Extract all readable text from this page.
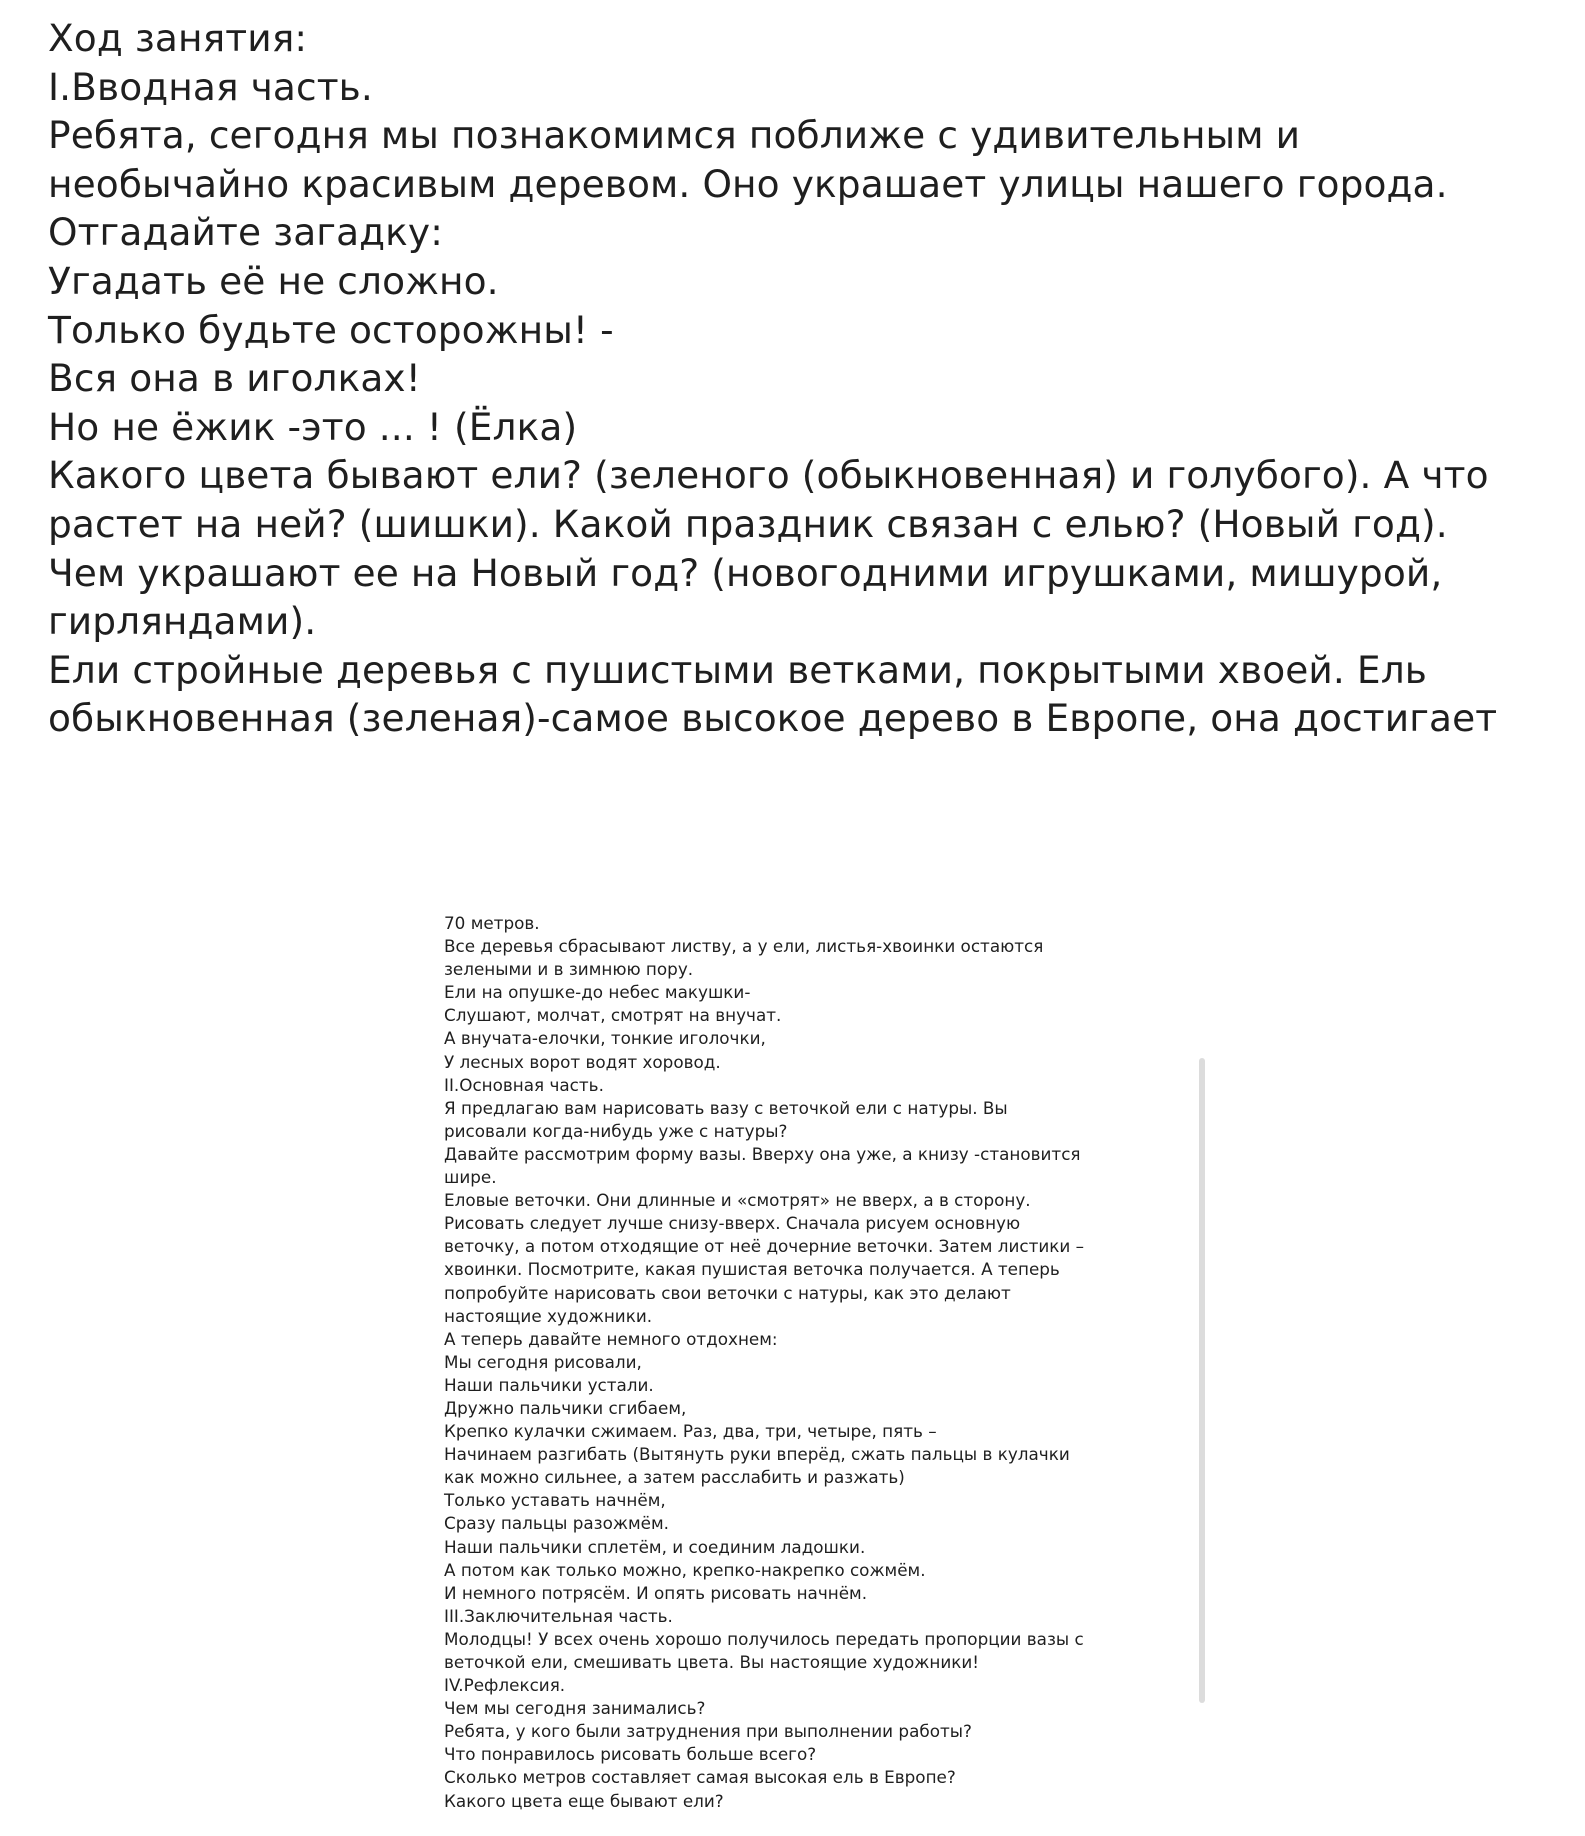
Ход занятия:
I.Вводная часть.
Ребята, сегодня мы познакомимся поближе с удивительным и
необычайно красивым деревом. Оно украшает улицы нашего города.
Отгадайте загадку:
Угадать её не сложно.
Только будьте осторожны! -
Вся она в иголках!
Но не ёжик -это ... ! (Ёлка)
Какого цвета бывают ели? (зеленого (обыкновенная) и голубого). А что
растет на ней? (шишки). Какой праздник связан с елью? (Новый год).
Чем украшают ее на Новый год? (новогодними игрушками, мишурой,
гирляндами).
Ели стройные деревья с пушистыми ветками, покрытыми хвоей. Ель
обыкновенная (зеленая)-самое высокое дерево в Европе, она достигает
70 метров.
Все деревья сбрасывают листву, а у ели, листья-хвоинки остаются
зелеными и в зимнюю пору.
Ели на опушке-до небес макушки-
Слушают, молчат, смотрят на внучат.
А внучата-елочки, тонкие иголочки,
У лесных ворот водят хоровод.
II.Основная часть.
Я предлагаю вам нарисовать вазу с веточкой ели с натуры. Вы
рисовали когда-нибудь уже с натуры?
Давайте рассмотрим форму вазы. Вверху она уже, а книзу -становится
шире.
Еловые веточки. Они длинные и «смотрят» не вверх, а в сторону.
Рисовать следует лучше снизу-вверх. Сначала рисуем основную
веточку, а потом отходящие от неё дочерние веточки. Затем листики –
хвоинки. Посмотрите, какая пушистая веточка получается. А теперь
попробуйте нарисовать свои веточки с натуры, как это делают
настоящие художники.
А теперь давайте немного отдохнем:
Мы сегодня рисовали,
Наши пальчики устали.
Дружно пальчики сгибаем,
Крепко кулачки сжимаем. Раз, два, три, четыре, пять –
Начинаем разгибать (Вытянуть руки вперёд, сжать пальцы в кулачки
как можно сильнее, а затем расслабить и разжать)
Только уставать начнём,
Сразу пальцы разожмём.
Наши пальчики сплетём, и соединим ладошки.
А потом как только можно, крепко-накрепко сожмём.
И немного потрясём. И опять рисовать начнём.
III.Заключительная часть.
Молодцы! У всех очень хорошо получилось передать пропорции вазы с
веточкой ели, смешивать цвета. Вы настоящие художники!
IV.Рефлексия.
Чем мы сегодня занимались?
Ребята, у кого были затруднения при выполнении работы?
Что понравилось рисовать больше всего?
Сколько метров составляет самая высокая ель в Европе?
Какого цвета еще бывают ели?
